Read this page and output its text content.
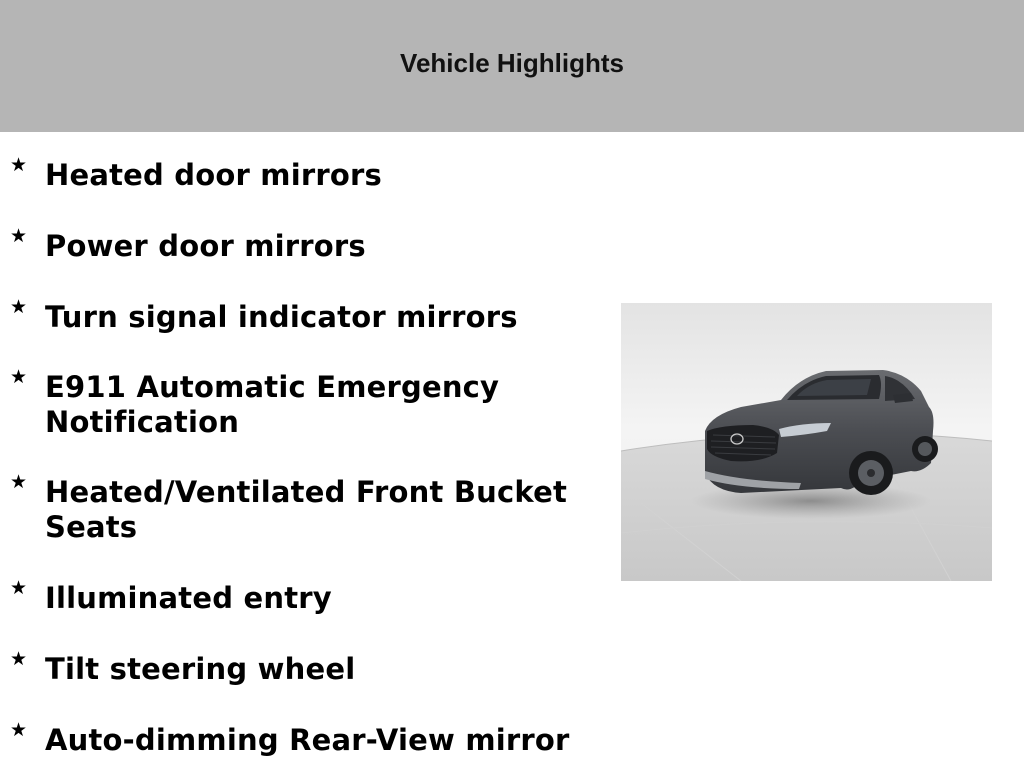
Vehicle Highlights
★ Heated door mirrors
★ Power door mirrors
★ Turn signal indicator mirrors
★ E911 Automatic Emergency Notification
★ Heated/Ventilated Front Bucket Seats
★ Illuminated entry
★ Tilt steering wheel
★ Auto-dimming Rear-View mirror
